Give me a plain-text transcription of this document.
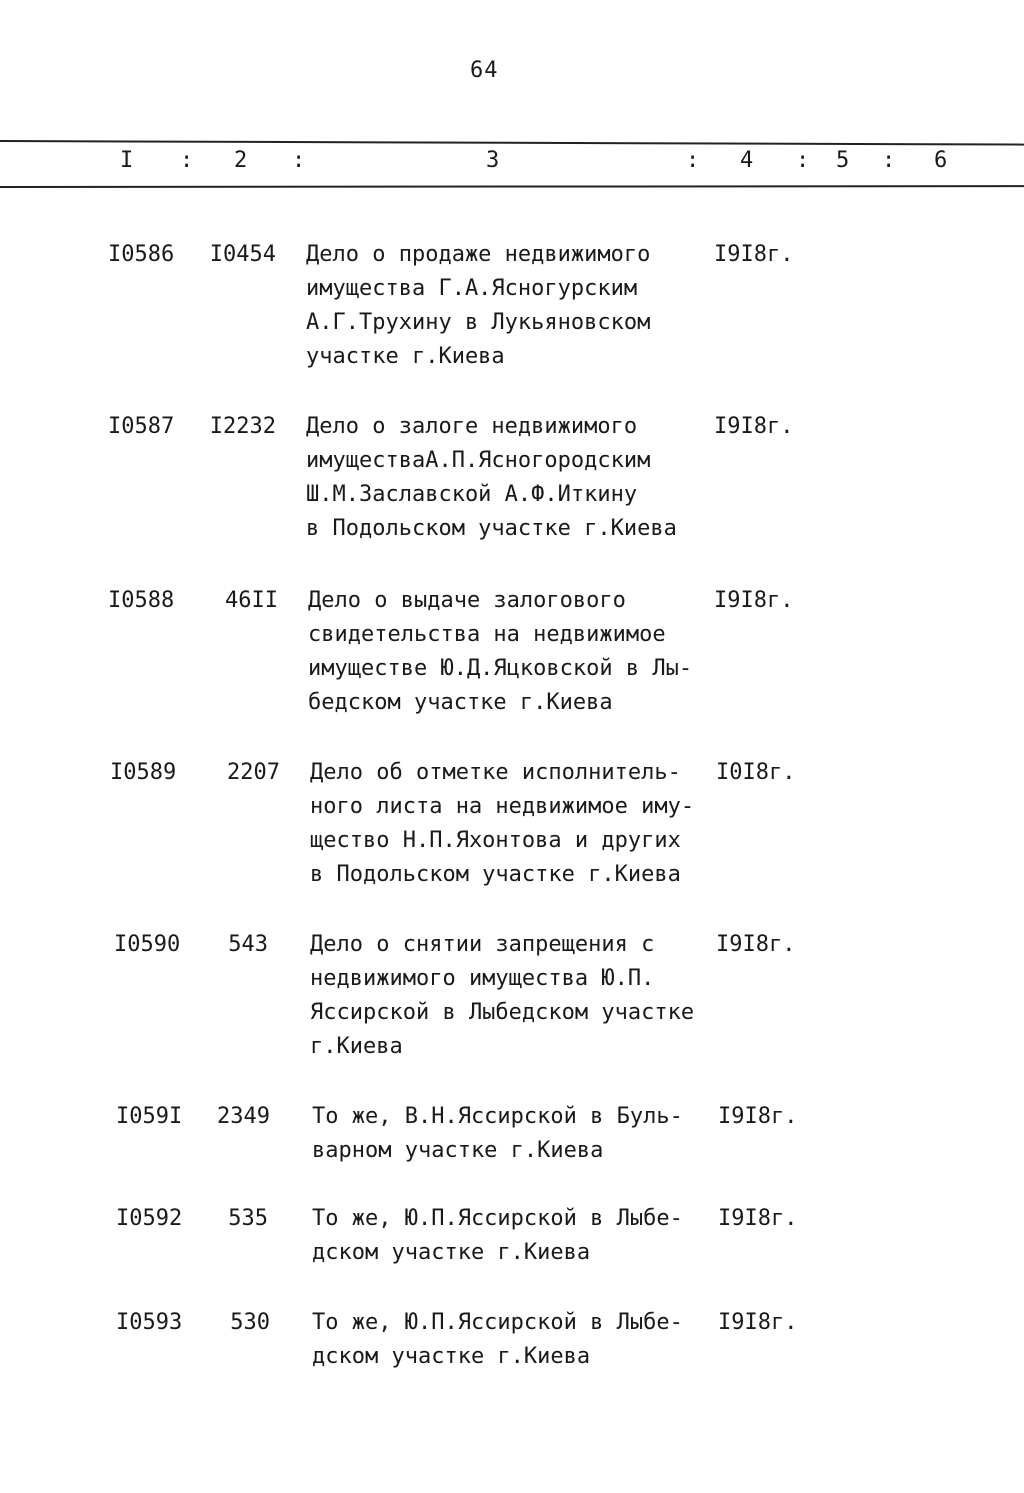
64
I : 2 :	3	: 4 : 5 : 6
I0586	I0454 Дело о продаже недвижимого
имущества Г.А.Ясногурским
А.Г.Трухину в Лукьяновском
участке г.Киева
I9I8г.
I0587	I2232 Дело о залоге недвижимого
имуществаА.П.Ясногородским
Ш.М.Заславской А.Ф.Иткину
в Подольском участке г.Киева
I9I8г.
I0588	46II Дело о выдаче залогового
свидетельства на недвижимое
имуществе Ю.Д.Яцковской в Лы-
бедском участке г.Киева
I9I8г.
I0589	2207 Дело об отметке исполнитель-
ного листа на недвижимое иму-
щество Н.П.Яхонтова и других
в Подольском участке г.Киева
I0I8г.
I0590	543 Дело о снятии запрещения с
недвижимого имущества Ю.П.
Яссирской в Лыбедском участке
г.Киева
I9I8г.
I059I	2349 То же, В.Н.Яссирской в Буль-
варном участке г.Киева
I9I8г.
I0592	535 То же, Ю.П.Яссирской в Лыбе-
дском участке г.Киева
I9I8г.
I0593	530 То же, Ю.П.Яссирской в Лыбе-
дском участке г.Киева
I9I8г.
